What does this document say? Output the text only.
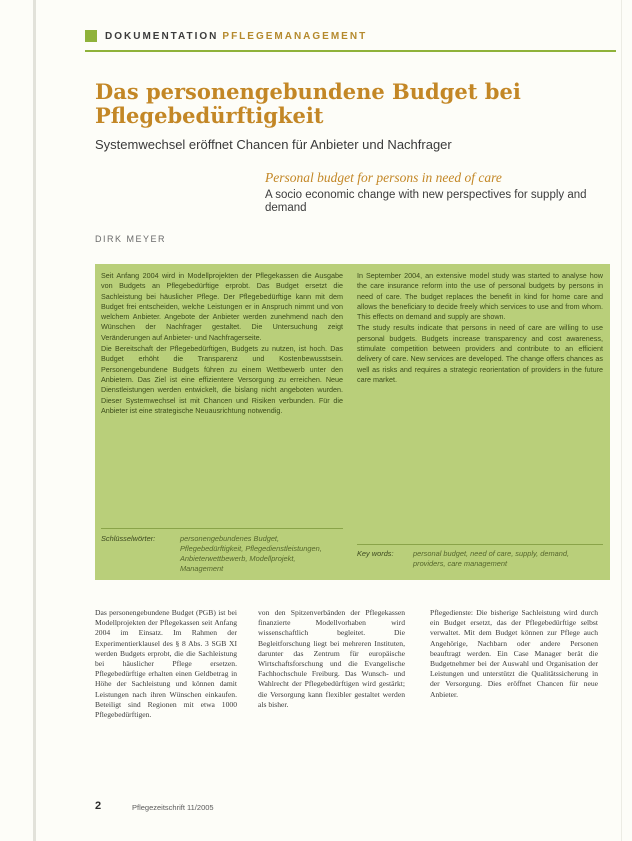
DOKUMENTATION PFLEGEMANAGEMENT
Das personengebundene Budget bei Pflegebedürftigkeit
Systemwechsel eröffnet Chancen für Anbieter und Nachfrager
Personal budget for persons in need of care
A socio economic change with new perspectives for supply and demand
DIRK MEYER

Seit Anfang 2004 wird in Modellprojekten der Pflegekassen die Ausgabe von Budgets an Pflegebedürftige erprobt. Das Budget ersetzt die Sachleistung bei häuslicher Pflege. Der Pflegebedürftige kann mit dem Budget frei entscheiden, welche Leistungen er in Anspruch nimmt und von welchem Anbieter. Angebote der Anbieter werden zunehmend nach den Wünschen der Nachfrager gestaltet. Die Untersuchung zeigt Veränderungen auf Anbieter- und Nachfragerseite.

Die Bereitschaft der Pflegebedürftigen, Budgets zu nutzen, ist hoch. Das Budget erhöht die Transparenz und Kostenbewusstsein. Personengebundene Budgets führen zu einem Wettbewerb unter den Anbietern. Das Ziel ist eine effizientere Versorgung zu erreichen. Neue Dienstleistungen werden entwickelt, die bislang nicht angeboten wurden. Dieser Systemwechsel ist mit Chancen und Risiken verbunden. Für die Anbieter ist eine strategische Neuausrichtung notwendig.

In September 2004, an extensive model study was started to analyse how the care insurance reform into the use of personal budgets by persons in need of care. The budget replaces the benefit in kind for home care and allows the beneficiary to decide freely which services to use and from whom. This effects on demand and supply are shown.

The study results indicate that persons in need of care are willing to use personal budgets. Budgets increase transparency and cost awareness, stimulate competition between providers and contribute to an efficient delivery of care. New services are developed. The change offers chances as well as risks and requires a strategic reorientation of providers in the future care market.

Schlüsselwörter:	personengebundenes Budget, Pflegebedürftigkeit, Pflegedienstleistungen, Anbieterwettbewerb, Modellprojekt, Management
Key words:	personal budget, need of care, supply, demand, providers, care management
Das personengebundene Budget (PGB) ist bei Modellprojekten der Pflegekassen seit Anfang 2004 im Einsatz. Im Rahmen der Experimentierklausel des § 8 Abs. 3 SGB XI werden Budgets erprobt, die die Sachleistung bei häuslicher Pflege ersetzen. Pflegebedürftige erhalten einen Geldbetrag in Höhe der Sachleistung und können damit Leistungen nach ihren Wünschen einkaufen. Beteiligt sind Regionen mit etwa 1000 Pflegebedürftigen.
von den Spitzenverbänden der Pflegekassen finanzierte Modellvorhaben wird wissenschaftlich begleitet. Die Begleitforschung liegt bei mehreren Instituten, darunter das Zentrum für europäische Wirtschaftsforschung und die Evangelische Fachhochschule Freiburg. Das Wunsch- und Wahlrecht der Pflegebedürftigen wird gestärkt; die Versorgung kann flexibler gestaltet werden als bisher.
Pflegedienste: Die bisherige Sachleistung wird durch ein Budget ersetzt, das der Pflegebedürftige selbst verwaltet. Mit dem Budget können zur Pflege auch Angehörige, Nachbarn oder andere Personen beauftragt werden. Ein Case Manager berät die Budgetnehmer bei der Auswahl und Organisation der Leistungen und unterstützt die Qualitätssicherung in der Versorgung. Dies eröffnet Chancen für neue Anbieter.
2	Pflegezeitschrift 11/2005
